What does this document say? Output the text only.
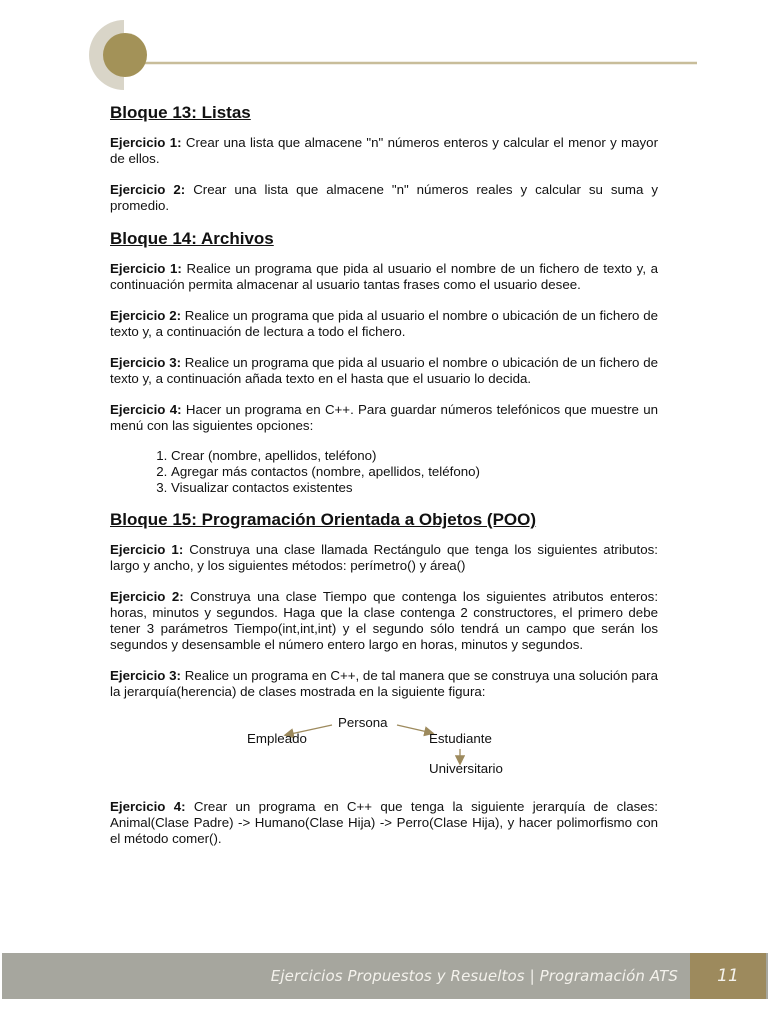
Bloque 13: Listas

Ejercicio 1: Crear una lista que almacene "n" números enteros y calcular el menor y mayor de ellos.

Ejercicio 2: Crear una lista que almacene "n" números reales y calcular su suma y promedio.

Bloque 14: Archivos

Ejercicio 1: Realice un programa que pida al usuario el nombre de un fichero de texto y, a continuación permita almacenar al usuario tantas frases como el usuario desee.

Ejercicio 2: Realice un programa que pida al usuario el nombre o ubicación de un fichero de texto y, a continuación de lectura a todo el fichero.

Ejercicio 3: Realice un programa que pida al usuario el nombre o ubicación de un fichero de texto y, a continuación añada texto en el hasta que el usuario lo decida.

Ejercicio 4: Hacer un programa en C++. Para guardar números telefónicos que muestre un menú con las siguientes opciones:

1. Crear (nombre, apellidos, teléfono)
2. Agregar más contactos (nombre, apellidos, teléfono)
3. Visualizar contactos existentes
Bloque 15: Programación Orientada a Objetos (POO)

Ejercicio 1: Construya una clase llamada Rectángulo que tenga los siguientes atributos: largo y ancho, y los siguientes métodos: perímetro() y área()

Ejercicio 2: Construya una clase Tiempo que contenga los siguientes atributos enteros: horas, minutos y segundos. Haga que la clase contenga 2 constructores, el primero debe tener 3 parámetros Tiempo(int,int,int) y el segundo sólo tendrá un campo que serán los segundos y desensamble el número entero largo en horas, minutos y segundos.

Ejercicio 3: Realice un programa en C++, de tal manera que se construya una solución para la jerarquía(herencia) de clases mostrada en la siguiente figura:

Persona
Empleado	Estudiante
Universitario

Ejercicio 4: Crear un programa en C++ que tenga la siguiente jerarquía de clases: Animal(Clase Padre) -> Humano(Clase Hija) -> Perro(Clase Hija), y hacer polimorfismo con el método comer().

Ejercicios Propuestos y Resueltos | Programación ATS	11
